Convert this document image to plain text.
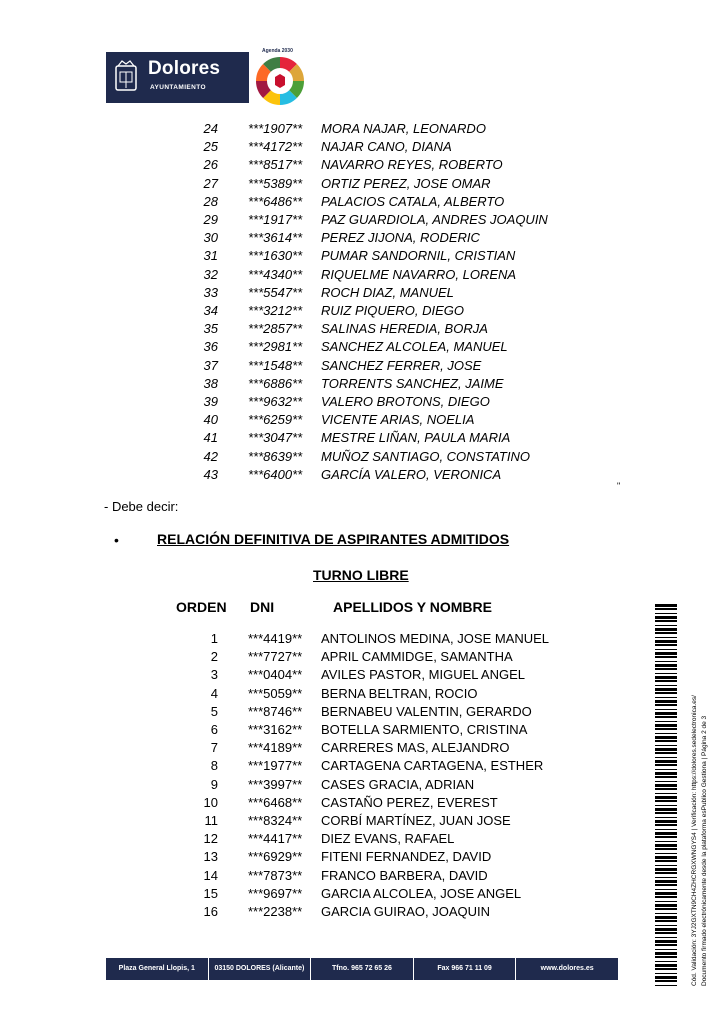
Dolores
AYUNTAMIENTO
Agenda 2030
24 ***1907** MORA NAJAR, LEONARDO
25 ***4172** NAJAR CANO, DIANA
26 ***8517** NAVARRO REYES, ROBERTO
27 ***5389** ORTIZ PEREZ, JOSE OMAR
28 ***6486** PALACIOS CATALA, ALBERTO
29 ***1917** PAZ GUARDIOLA, ANDRES JOAQUIN
30 ***3614** PEREZ JIJONA, RODERIC
31 ***1630** PUMAR SANDORNIL, CRISTIAN
32 ***4340** RIQUELME NAVARRO, LORENA
33 ***5547** ROCH DIAZ, MANUEL
34 ***3212** RUIZ PIQUERO, DIEGO
35 ***2857** SALINAS HEREDIA, BORJA
36 ***2981** SANCHEZ ALCOLEA, MANUEL
37 ***1548** SANCHEZ FERRER, JOSE
38 ***6886** TORRENTS SANCHEZ, JAIME
39 ***9632** VALERO BROTONS, DIEGO
40 ***6259** VICENTE ARIAS, NOELIA
41 ***3047** MESTRE LIÑAN, PAULA MARIA
42 ***8639** MUÑOZ SANTIAGO, CONSTATINO
43 ***6400** GARCÍA VALERO, VERONICA
"
- Debe decir:
•	RELACIÓN DEFINITIVA DE ASPIRANTES ADMITIDOS
TURNO LIBRE
ORDEN DNI	APELLIDOS Y NOMBRE
1 ***4419** ANTOLINOS MEDINA, JOSE MANUEL
2 ***7727** APRIL CAMMIDGE, SAMANTHA
3 ***0404** AVILES PASTOR, MIGUEL ANGEL
4 ***5059** BERNA BELTRAN, ROCIO
5 ***8746** BERNABEU VALENTIN, GERARDO
6 ***3162** BOTELLA SARMIENTO, CRISTINA
7 ***4189** CARRERES MAS, ALEJANDRO
8 ***1977** CARTAGENA CARTAGENA, ESTHER
9 ***3997** CASES GRACIA, ADRIAN
10 ***6468** CASTAÑO PEREZ, EVEREST
11 ***8324** CORBÍ MARTÍNEZ, JUAN JOSE
12 ***4417** DIEZ EVANS, RAFAEL
13 ***6929** FITENI FERNANDEZ, DAVID
14 ***7873** FRANCO BARBERA, DAVID
15 ***9697** GARCIA ALCOLEA, JOSE ANGEL
16 ***2238** GARCIA GUIRAO, JOAQUIN
Plaza General Llopis, 1	03150 DOLORES (Alicante)	Tfno. 965 72 65 26	Fax 966 71 11 09	www.dolores.es	Cód. Validación: 3YJ2GXTN9CH4ZHCRGXWNGYS4 | Verificación: https://dolores.sedelectronica.es/ Documento firmado electrónicamente desde la plataforma esPublico Gestiona | Página 2 de 3
